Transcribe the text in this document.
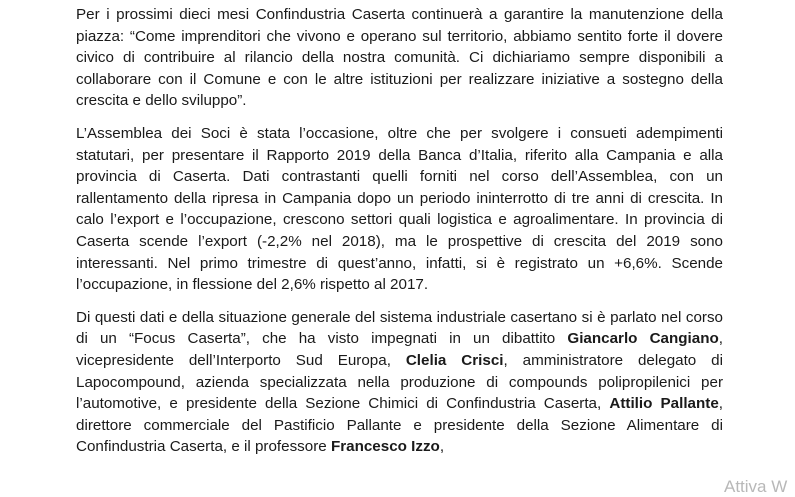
Per i prossimi dieci mesi Confindustria Caserta continuerà a garantire la manutenzione della piazza: “Come imprenditori che vivono e operano sul territorio, abbiamo sentito forte il dovere civico di contribuire al rilancio della nostra comunità. Ci dichiariamo sempre disponibili a collaborare con il Comune e con le altre istituzioni per realizzare iniziative a sostegno della crescita e dello sviluppo”.

L’Assemblea dei Soci è stata l’occasione, oltre che per svolgere i consueti adempimenti statutari, per presentare il Rapporto 2019 della Banca d’Italia, riferito alla Campania e alla provincia di Caserta. Dati contrastanti quelli forniti nel corso dell’Assemblea, con un rallentamento della ripresa in Campania dopo un periodo ininterrotto di tre anni di crescita. In calo l’export e l’occupazione, crescono settori quali logistica e agroalimentare. In provincia di Caserta scende l’export (-2,2% nel 2018), ma le prospettive di crescita del 2019 sono interessanti. Nel primo trimestre di quest’anno, infatti, si è registrato un +6,6%. Scende l’occupazione, in flessione del 2,6% rispetto al 2017.

Di questi dati e della situazione generale del sistema industriale casertano si è parlato nel corso di un “Focus Caserta”, che ha visto impegnati in un dibattito Giancarlo Cangiano, vicepresidente dell’Interporto Sud Europa, Clelia Crisci, amministratore delegato di Lapocompound, azienda specializzata nella produzione di compounds polipropilenici per l’automotive, e presidente della Sezione Chimici di Confindustria Caserta, Attilio Pallante, direttore commerciale del Pastificio Pallante e presidente della Sezione Alimentare di Confindustria Caserta, e il professore Francesco Izzo,

Attiva W
